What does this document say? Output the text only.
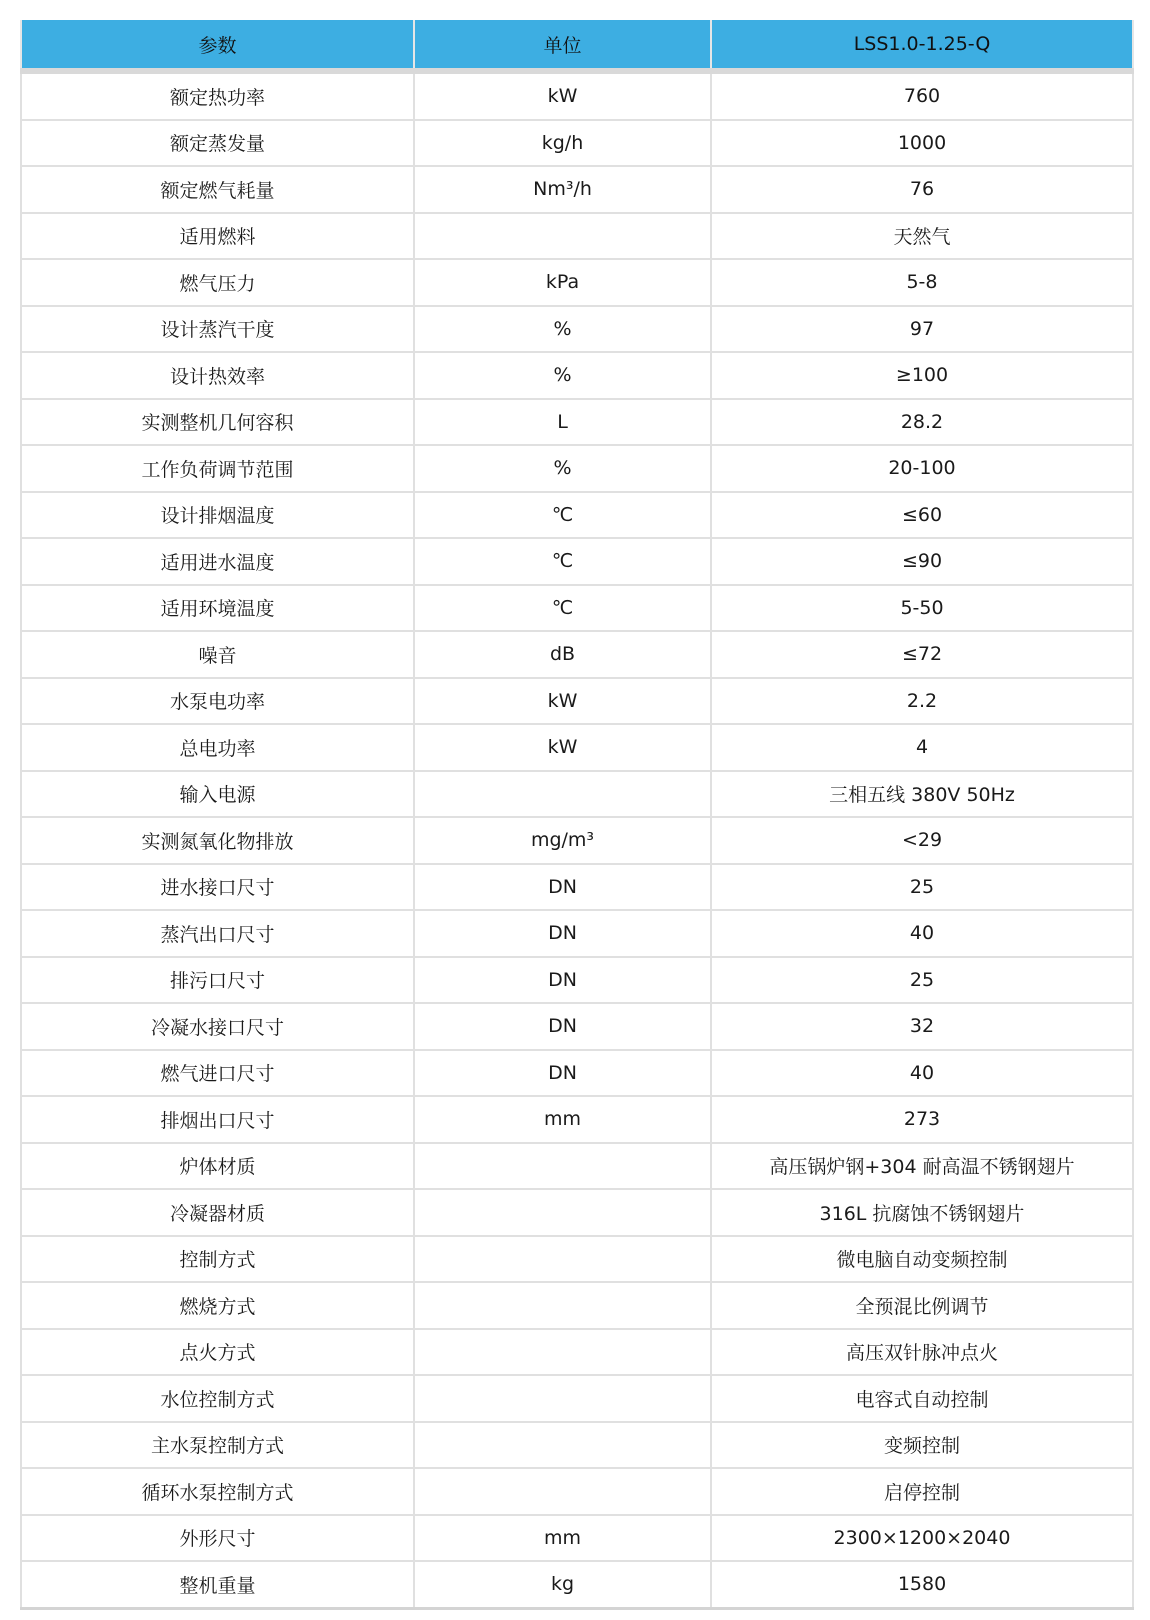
参数	单位	LSS1.0-1.25-Q
额定热功率	kW	760
额定蒸发量	kg/h	1000
额定燃气耗量	Nm³/h	76
适用燃料		天然气
燃气压力	kPa	5-8
设计蒸汽干度	%	97
设计热效率	%	≥100
实测整机几何容积	L	28.2
工作负荷调节范围	%	20-100
设计排烟温度	℃	≤60
适用进水温度	℃	≤90
适用环境温度	℃	5-50
噪音	dB	≤72
水泵电功率	kW	2.2
总电功率	kW	4
输入电源		三相五线 380V 50Hz
实测氮氧化物排放	mg/m³	<29
进水接口尺寸	DN	25
蒸汽出口尺寸	DN	40
排污口尺寸	DN	25
冷凝水接口尺寸	DN	32
燃气进口尺寸	DN	40
排烟出口尺寸	mm	273
炉体材质		高压锅炉钢+304 耐高温不锈钢翅片
冷凝器材质		316L 抗腐蚀不锈钢翅片
控制方式		微电脑自动变频控制
燃烧方式		全预混比例调节
点火方式		高压双针脉冲点火
水位控制方式		电容式自动控制
主水泵控制方式		变频控制
循环水泵控制方式		启停控制
外形尺寸	mm	2300×1200×2040
整机重量	kg	1580
